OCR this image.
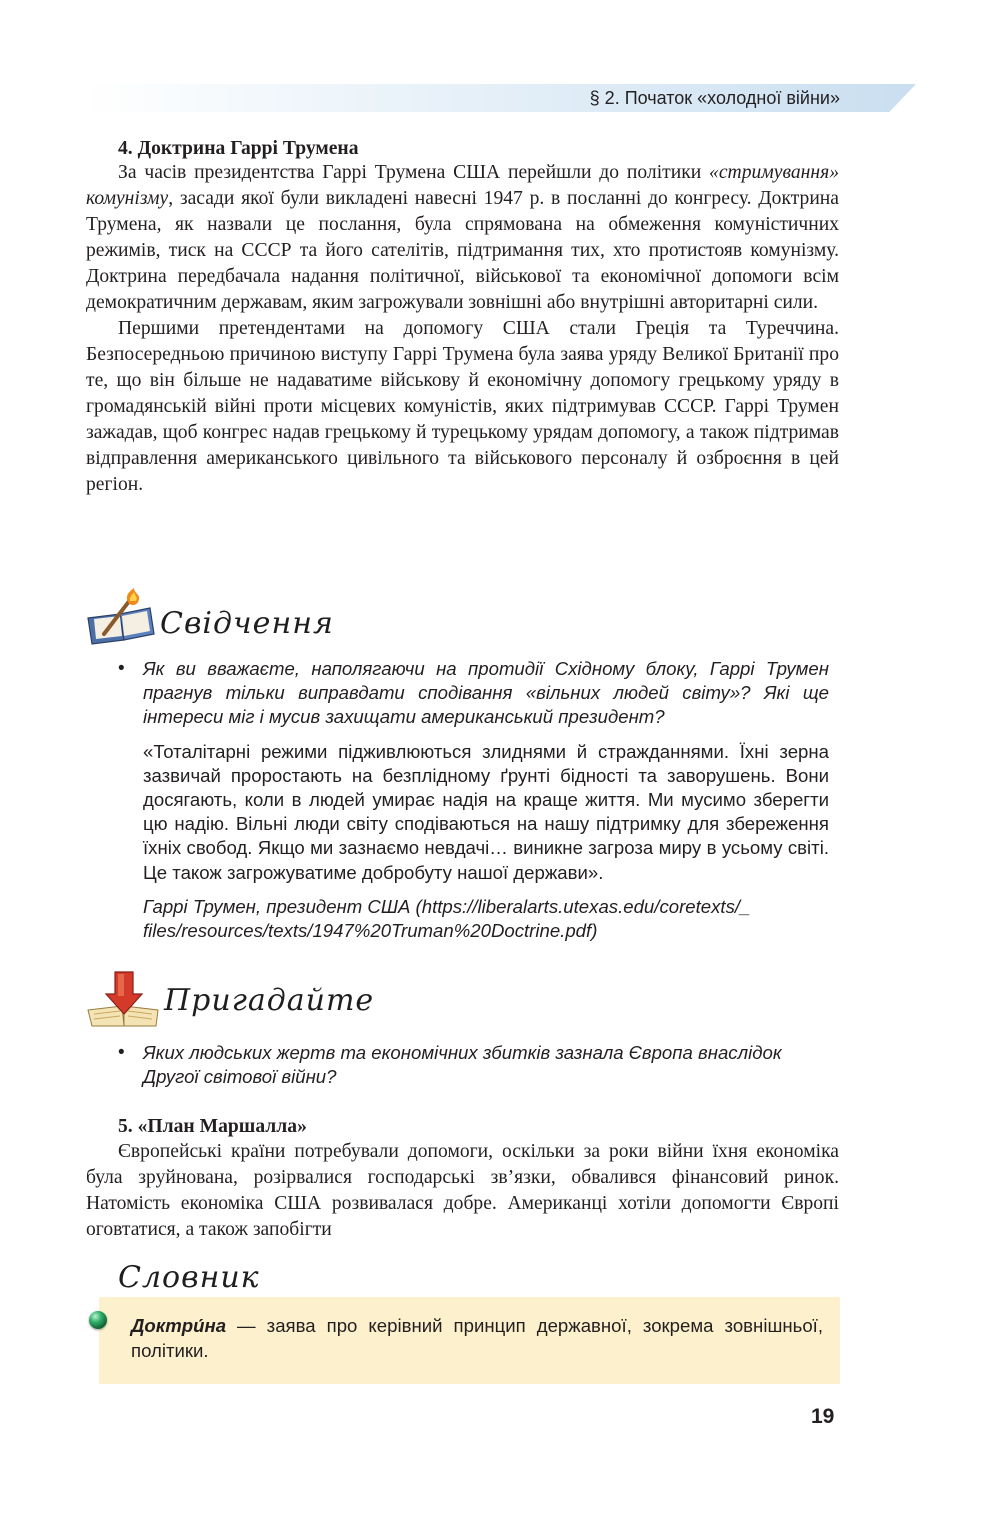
§ 2. Початок «холодної війни»
4. Доктрина Гаррі Трумена

За часів президентства Гаррі Трумена США перейшли до політики «стримування» комунізму, засади якої були викладені навесні 1947 р. в посланні до конгресу. Доктрина Трумена, як назвали це послання, була спрямована на обмеження комуністичних режимів, тиск на СССР та його сателітів, підтримання тих, хто протистояв комунізму. Доктрина передбачала надання політичної, військової та економічної допомоги всім демократичним державам, яким загрожували зовнішні або внутрішні авторитарні сили.

Першими претендентами на допомогу США стали Греція та Туреччина. Безпосередньою причиною виступу Гаррі Трумена була заява уряду Великої Британії про те, що він більше не надаватиме військову й економічну допомогу грецькому уряду в громадянській війні проти місцевих комуністів, яких підтримував СССР. Гаррі Трумен зажадав, щоб конгрес надав грецькому й турецькому урядам допомогу, а також підтримав відправлення американського цивільного та військового персоналу й озброєння в цей регіон.

Свідчення
• Як ви вважаєте, наполягаючи на протидії Східному блоку, Гаррі Трумен прагнув тільки виправдати сподівання «вільних людей світу»? Які ще інтереси міг і мусив захищати американський президент?

«Тоталітарні режими підживлюються злиднями й стражданнями. Їхні зерна зазвичай проростають на безплідному ґрунті бідності та заворушень. Вони досягають, коли в людей умирає надія на краще життя. Ми мусимо зберегти цю надію. Вільні люди світу сподіваються на нашу підтримку для збереження їхніх свобод. Якщо ми зазнаємо невдачі… виникне загроза миру в усьому світі. Це також загрожуватиме добробуту нашої держави».

Гаррі Трумен, президент США (https://liberalarts.utexas.edu/coretexts/_
files/resources/texts/1947%20Truman%20Doctrine.pdf)

Пригадайте
• Яких людських жертв та економічних збитків зазнала Європа внаслідок Другої світової війни?

5. «План Маршалла»

Європейські країни потребували допомоги, оскільки за роки війни їхня економіка була зруйнована, розірвалися господарські зв’язки, обвалився фінансовий ринок. Натомість економіка США розвивалася добре. Американці хотіли допомогти Європі оговтатися, а також запобігти

Словник
Доктри́на — заява про керівний принцип державної, зокрема зовнішньої, політики.
19
